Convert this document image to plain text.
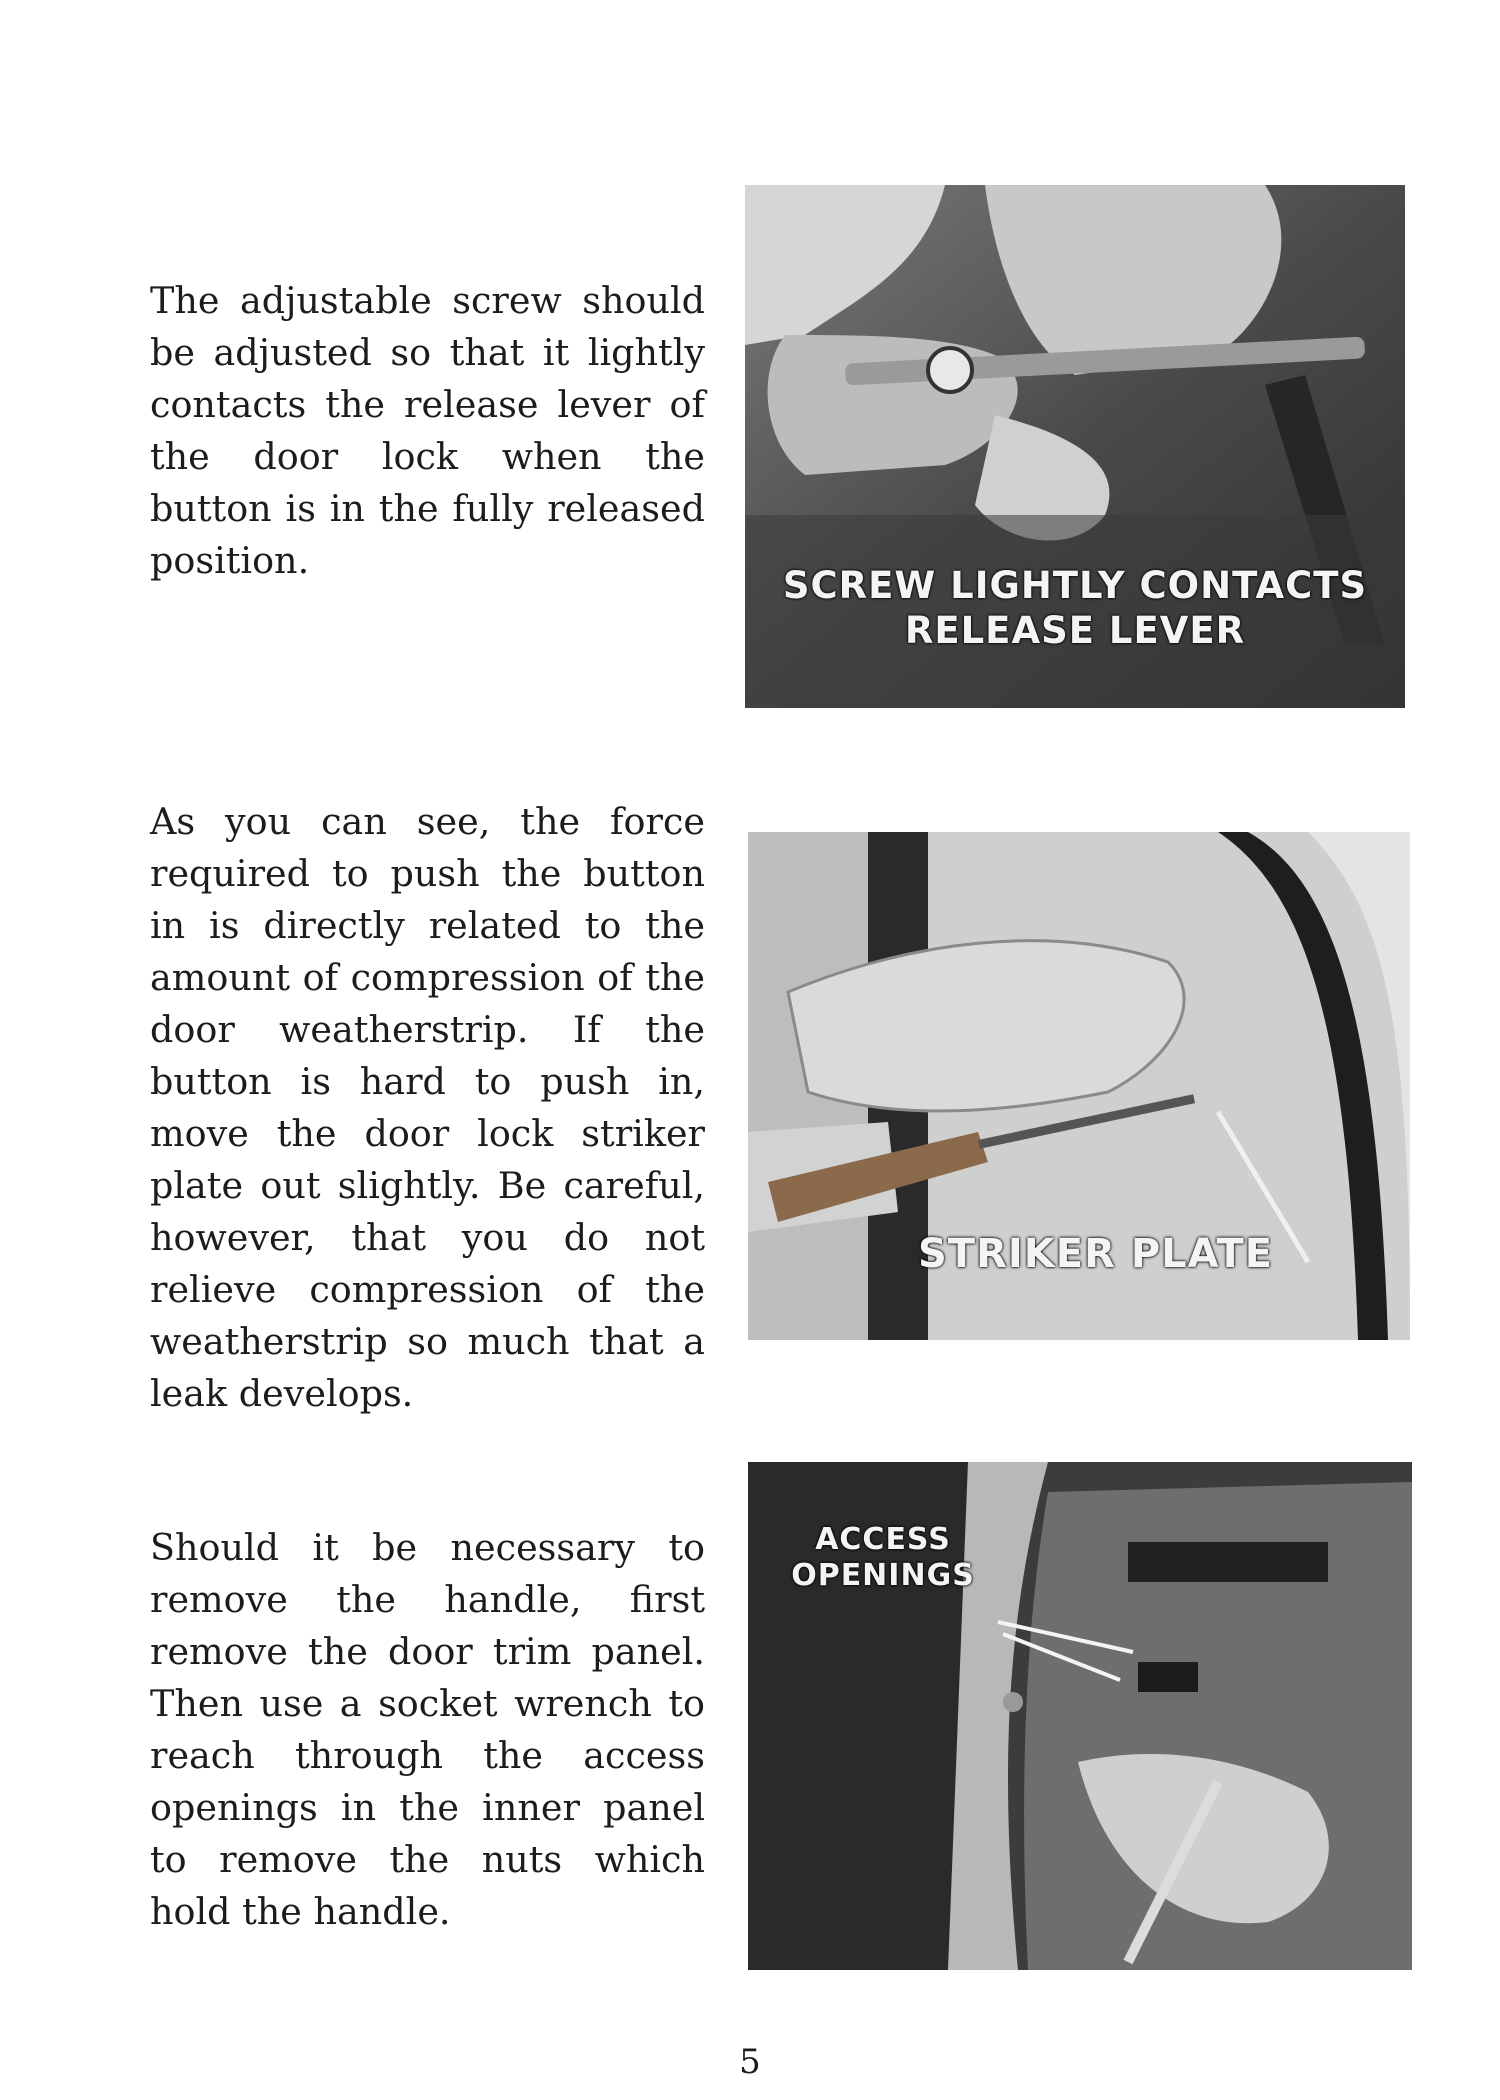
The adjustable screw should be adjusted so that it lightly contacts the release lever of the door lock when the button is in the fully released position.

SCREW LIGHTLY CONTACTS
RELEASE LEVER

As you can see, the force required to push the button in is directly related to the amount of compression of the door weatherstrip. If the button is hard to push in, move the door lock striker plate out slightly. Be careful, however, that you do not relieve compression of the weatherstrip so much that a leak develops.

STRIKER PLATE

Should it be necessary to remove the handle, first remove the door trim panel. Then use a socket wrench to reach through the access openings in the inner panel to remove the nuts which hold the handle.

ACCESS
OPENINGS
5
